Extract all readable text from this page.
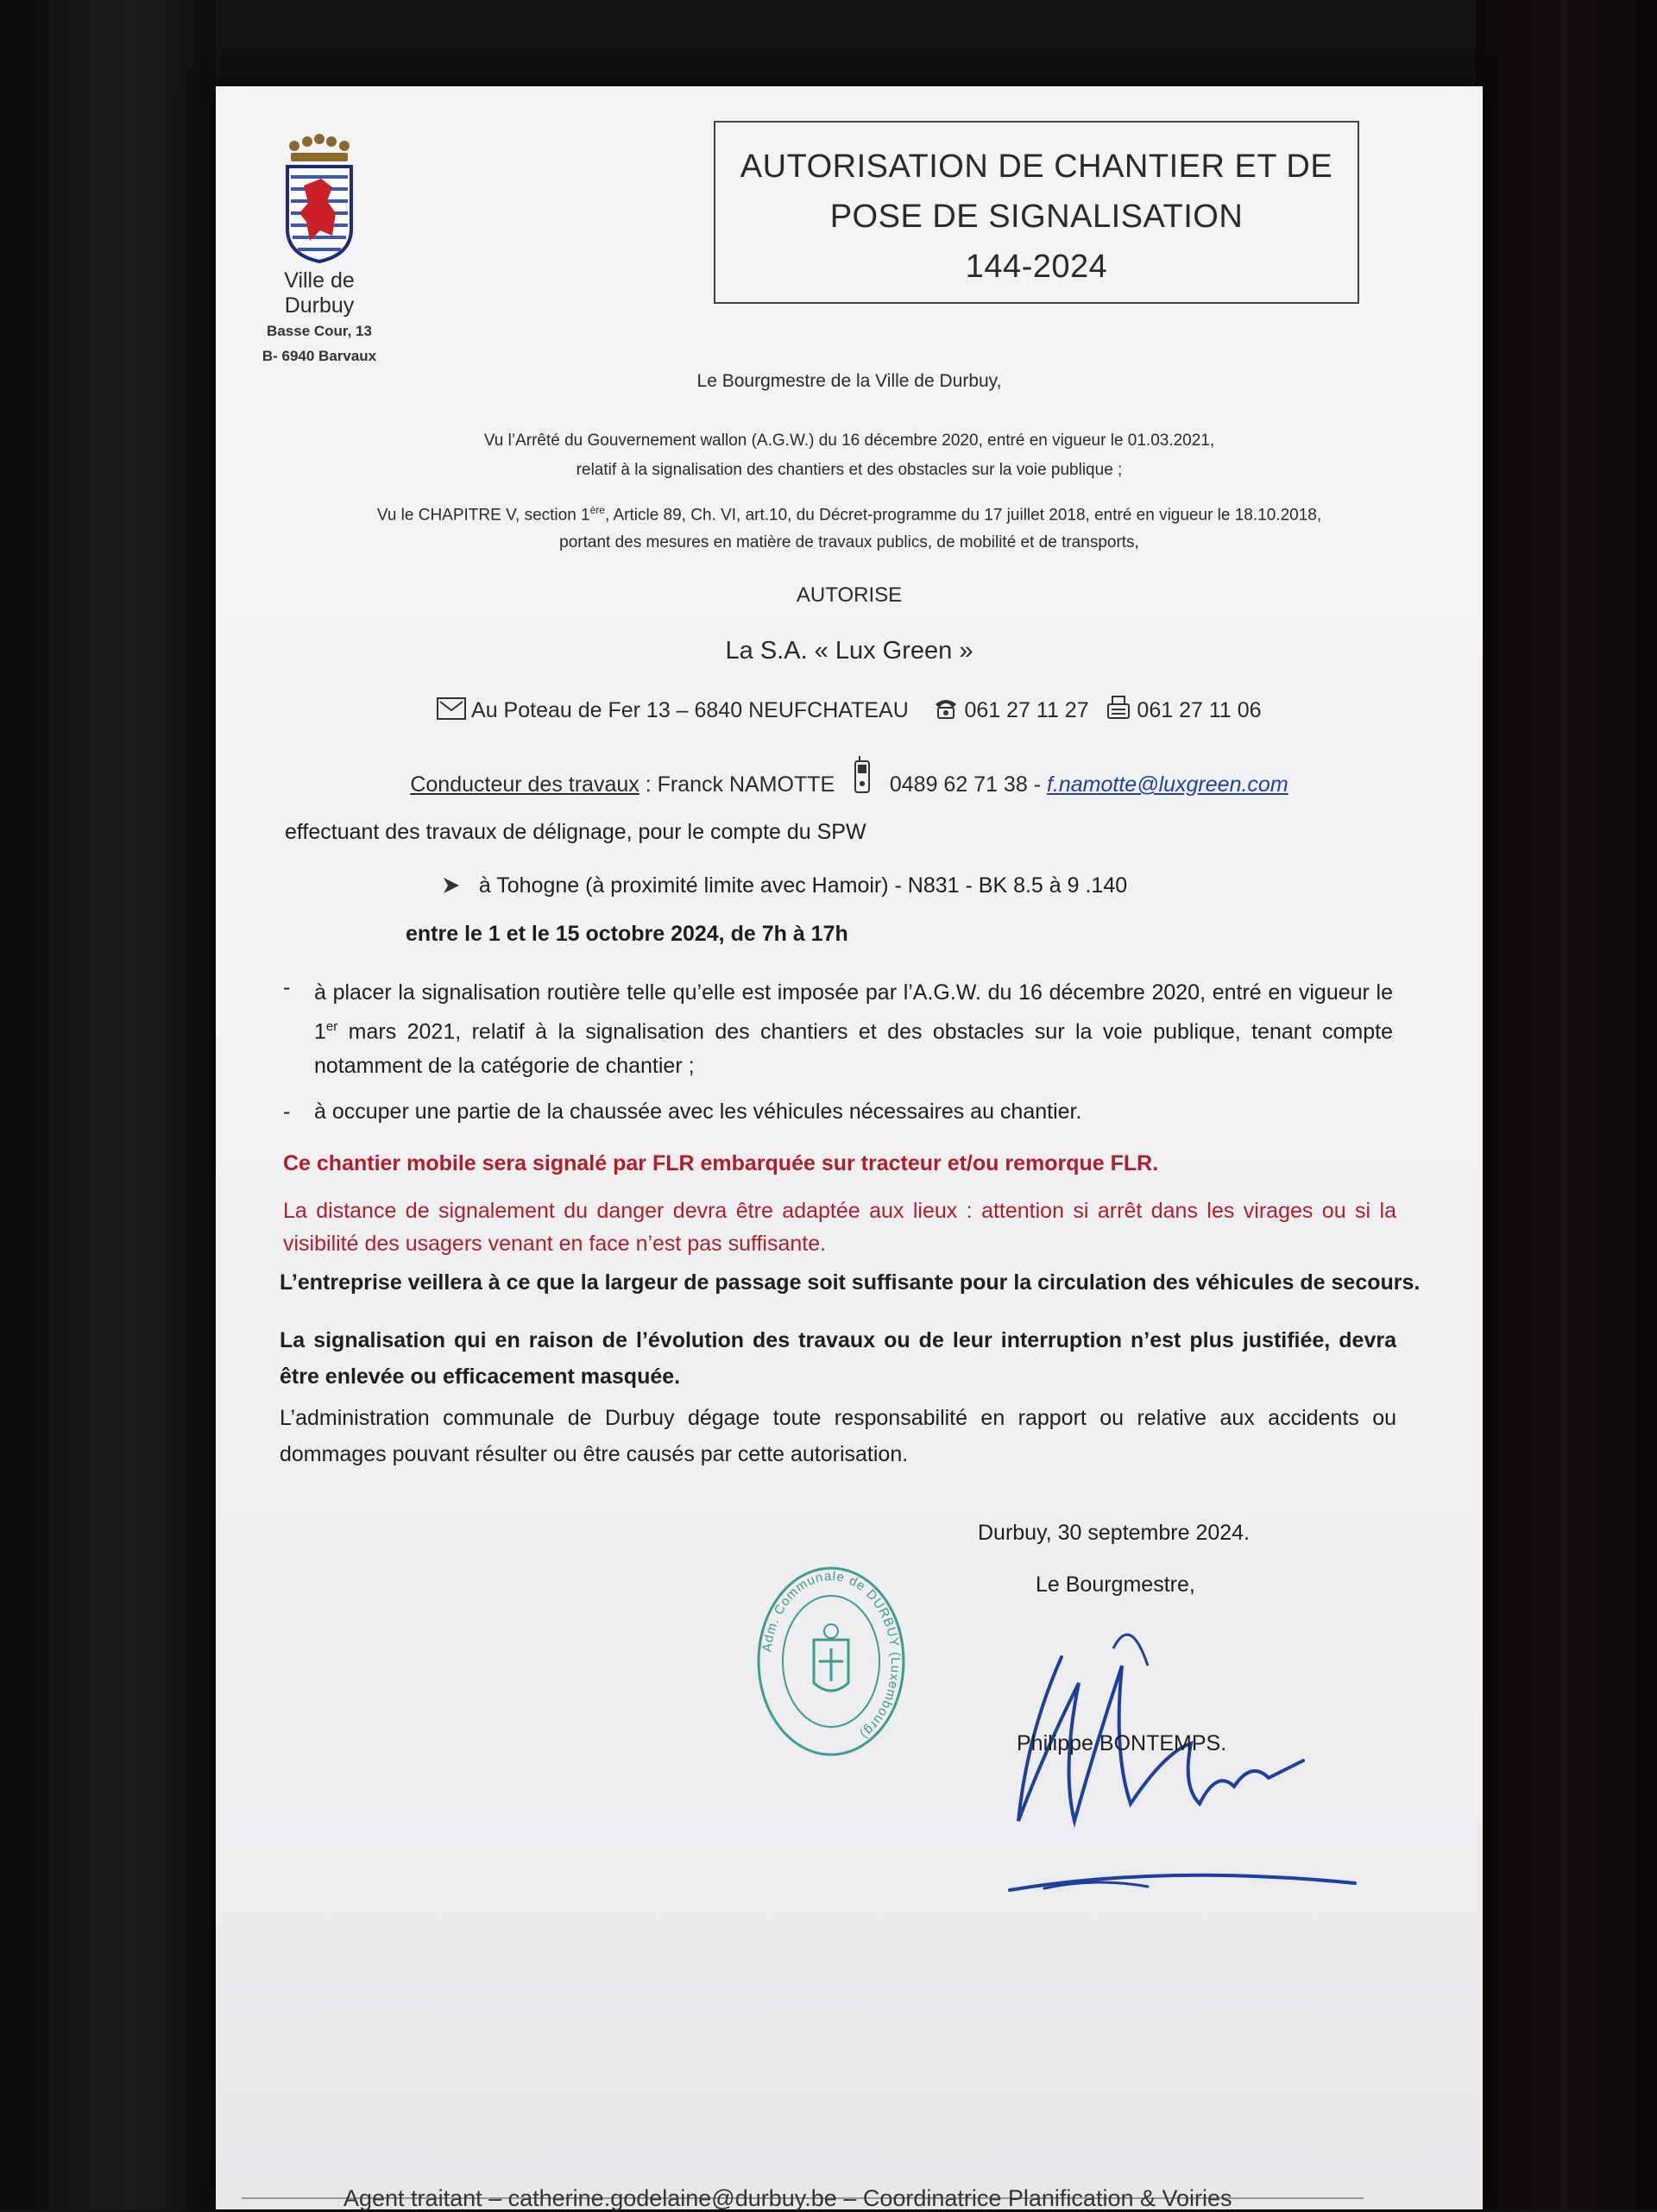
Ville de Durbuy
Basse Cour, 13
B- 6940 Barvaux
AUTORISATION DE CHANTIER ET DE
POSE DE SIGNALISATION
144-2024
Le Bourgmestre de la Ville de Durbuy,
Vu l’Arrêté du Gouvernement wallon (A.G.W.) du 16 décembre 2020, entré en vigueur le 01.03.2021,
relatif à la signalisation des chantiers et des obstacles sur la voie publique ;
Vu le CHAPITRE V, section 1ère, Article 89, Ch. VI, art.10, du Décret-programme du 17 juillet 2018, entré en vigueur le 18.10.2018,
portant des mesures en matière de travaux publics, de mobilité et de transports,
AUTORISE
La S.A. « Lux Green »
Au Poteau de Fer 13 – 6840 NEUFCHATEAU	061 27 11 27 061 27 11 06
Conducteur des travaux : Franck NAMOTTE	0489 62 71 38 - f.namotte@luxgreen.com
effectuant des travaux de délignage, pour le compte du SPW
à Tohogne (à proximité limite avec Hamoir) - N831 - BK 8.5 à 9 .140
entre le 1 et le 15 octobre 2024, de 7h à 17h
- à placer la signalisation routière telle qu’elle est imposée par l’A.G.W. du 16 décembre 2020, entré en vigueur le 1er mars 2021, relatif à la signalisation des chantiers et des obstacles sur la voie publique, tenant compte notamment de la catégorie de chantier ;
- à occuper une partie de la chaussée avec les véhicules nécessaires au chantier.
Ce chantier mobile sera signalé par FLR embarquée sur tracteur et/ou remorque FLR.
La distance de signalement du danger devra être adaptée aux lieux : attention si arrêt dans les virages ou si la visibilité des usagers venant en face n’est pas suffisante.
L’entreprise veillera à ce que la largeur de passage soit suffisante pour la circulation des véhicules de secours.
La signalisation qui en raison de l’évolution des travaux ou de leur interruption n’est plus justifiée, devra être enlevée ou efficacement masquée.
L’administration communale de Durbuy dégage toute responsabilité en rapport ou relative aux accidents ou dommages pouvant résulter ou être causés par cette autorisation.
Durbuy, 30 septembre 2024.
Le Bourgmestre,
Adm. Communale de DURBUY (Luxembourg)	Philippe BONTEMPS.
Agent traitant – catherine.godelaine@durbuy.be – Coordinatrice Planification & Voiries
